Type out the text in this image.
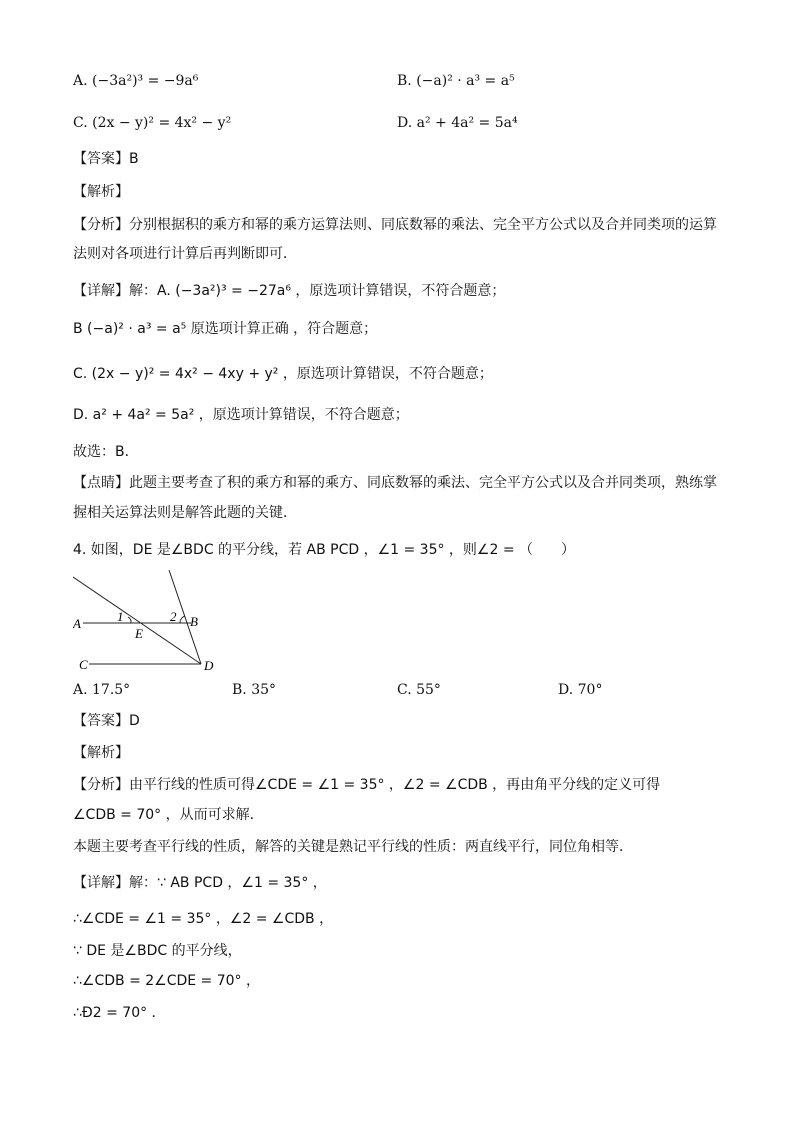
A. (−3a²)³ = −9a⁶	B. (−a)² · a³ = a⁵
C. (2x − y)² = 4x² − y²	D. a² + 4a² = 5a⁴
【答案】B
【解析】
【分析】分别根据积的乘方和幂的乘方运算法则、同底数幂的乘法、完全平方公式以及合并同类项的运算
法则对各项进行计算后再判断即可．
【详解】解：A. (−3a²)³ = −27a⁶ ，原选项计算错误，不符合题意；
B (−a)² · a³ = a⁵ 原选项计算正确 ，符合题意；
C. (2x − y)² = 4x² − 4xy + y² ，原选项计算错误，不符合题意；
D. a² + 4a² = 5a² ，原选项计算错误，不符合题意；
故选：B．
【点睛】此题主要考查了积的乘方和幂的乘方、同底数幂的乘法、完全平方公式以及合并同类项，熟练掌
握相关运算法则是解答此题的关键．
4. 如图，DE 是∠BDC 的平分线，若 AB PCD ，∠1 = 35° ，则∠2 = （　　）
A	B
C	D
E
1	2
A. 17.5°	B. 35°	C. 55°	D. 70°
【答案】D
【解析】
【分析】由平行线的性质可得∠CDE = ∠1 = 35° ，∠2 = ∠CDB ，再由角平分线的定义可得
∠CDB = 70° ，从而可求解．
本题主要考查平行线的性质，解答的关键是熟记平行线的性质：两直线平行，同位角相等．
【详解】解：∵ AB PCD ，∠1 = 35° ，
∴∠CDE = ∠1 = 35° ，∠2 = ∠CDB ，
∵ DE 是∠BDC 的平分线，
∴∠CDB = 2∠CDE = 70° ，
∴Ð2 = 70° ．
